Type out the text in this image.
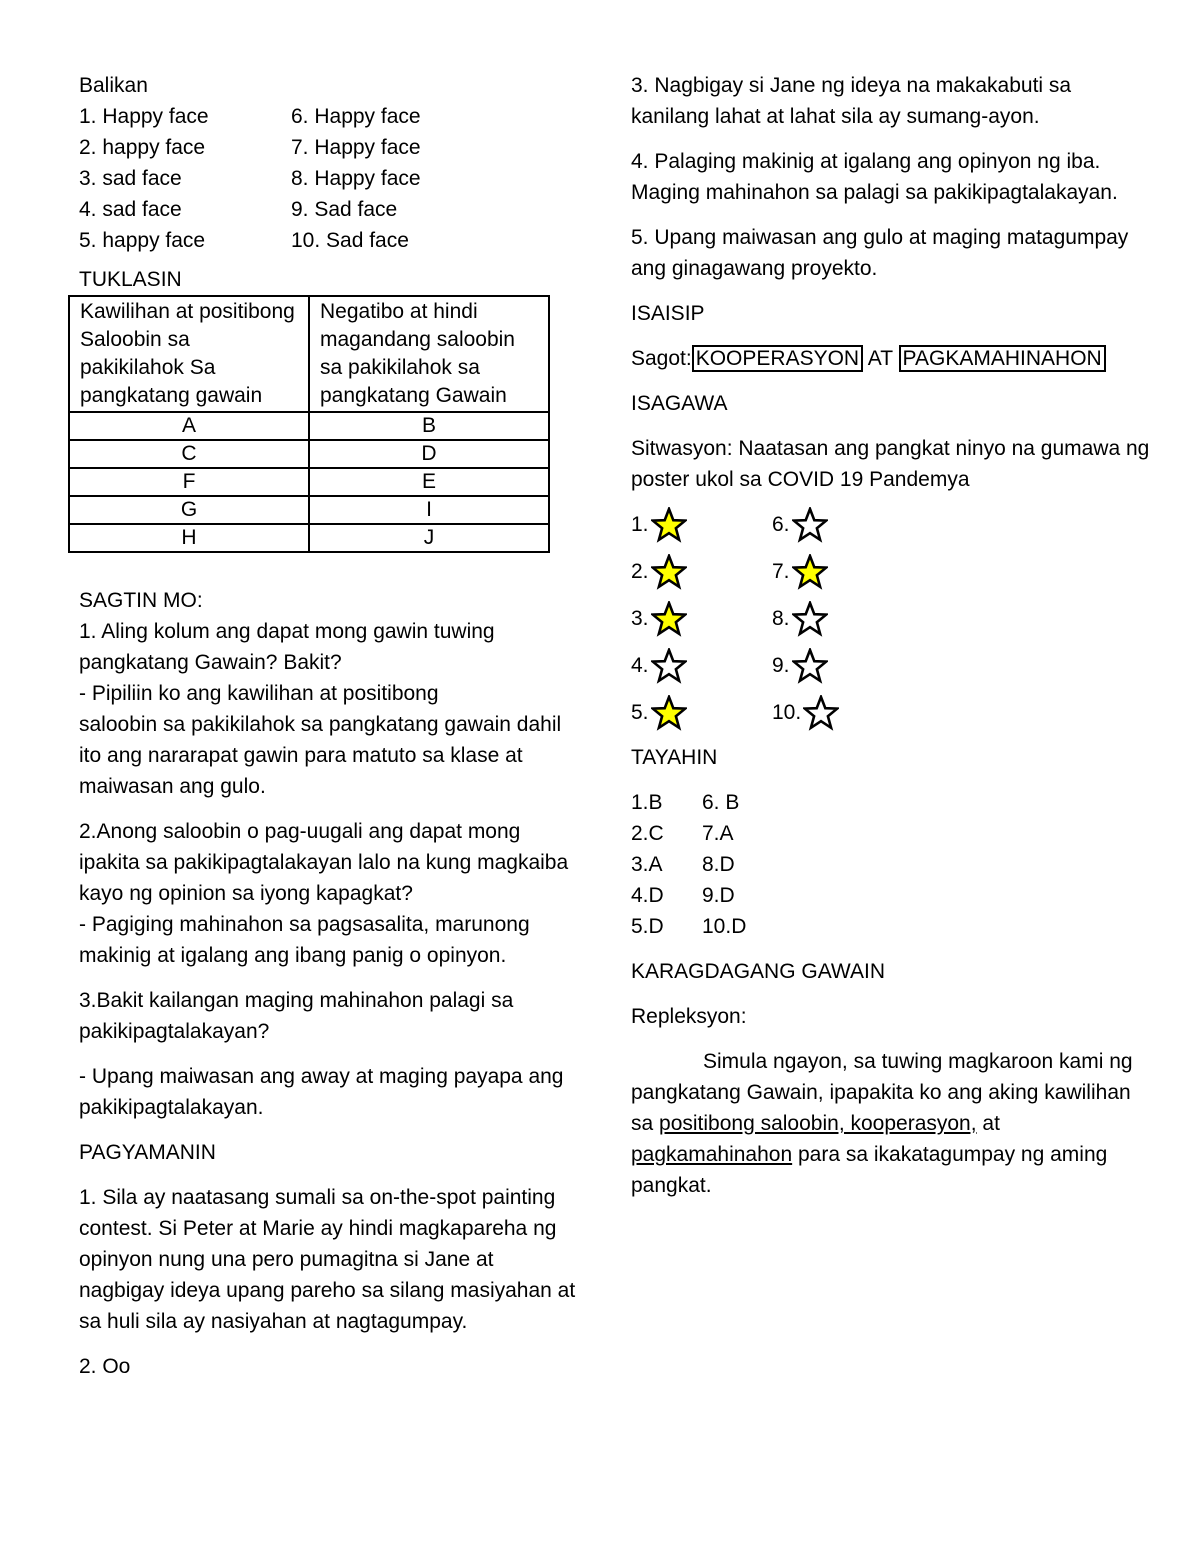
Balikan
1. Happy face	6. Happy face
2. happy face	7. Happy face
3. sad face	8. Happy face
4. sad face	9. Sad face
5. happy face	10. Sad face
TUKLASIN
Kawilihan at positibong Saloobin sa pakikilahok Sa pangkatang gawain	Negatibo at hindi magandang saloobin sa pakikilahok sa pangkatang Gawain
A	B
C	D
F	E
G	I
H	J
SAGTIN MO:
1. Aling kolum ang dapat mong gawin tuwing pangkatang Gawain? Bakit?
- Pipiliin ko ang kawilihan at positibong
saloobin sa pakikilahok sa pangkatang gawain dahil ito ang nararapat gawin para matuto sa klase at maiwasan ang gulo.
2.Anong saloobin o pag-uugali ang dapat mong ipakita sa pakikipagtalakayan lalo na kung magkaiba kayo ng opinion sa iyong kapagkat?
- Pagiging mahinahon sa pagsasalita, marunong makinig at igalang ang ibang panig o opinyon.
3.Bakit kailangan maging mahinahon palagi sa pakikipagtalakayan?
- Upang maiwasan ang away at maging payapa ang pakikipagtalakayan.
PAGYAMANIN
1. Sila ay naatasang sumali sa on-the-spot painting contest. Si Peter at Marie ay hindi magkapareha ng opinyon nung una pero pumagitna si Jane at nagbigay ideya upang pareho sa silang masiyahan at sa huli sila ay nasiyahan at nagtagumpay.
2. Oo
3. Nagbigay si Jane ng ideya na makakabuti sa kanilang lahat at lahat sila ay sumang-ayon.
4. Palaging makinig at igalang ang opinyon ng iba. Maging mahinahon sa palagi sa pakikipagtalakayan.
5. Upang maiwasan ang gulo at maging matagumpay ang ginagawang proyekto.
ISAISIP
Sagot: KOOPERASYON AT PAGKAMAHINAHON
ISAGAWA
Sitwasyon: Naatasan ang pangkat ninyo na gumawa ng poster ukol sa COVID 19 Pandemya
1.	6.
2.	7.
3.	8.
4.	9.
5.	10.
TAYAHIN
1.B	6. B
2.C	7.A
3.A	8.D
4.D	9.D
5.D	10.D
KARAGDAGANG GAWAIN
Repleksyon:
Simula ngayon, sa tuwing magkaroon kami ng pangkatang Gawain, ipapakita ko ang aking kawilihan sa positibong saloobin, kooperasyon, at pagkamahinahon para sa ikakatagumpay ng aming pangkat.
